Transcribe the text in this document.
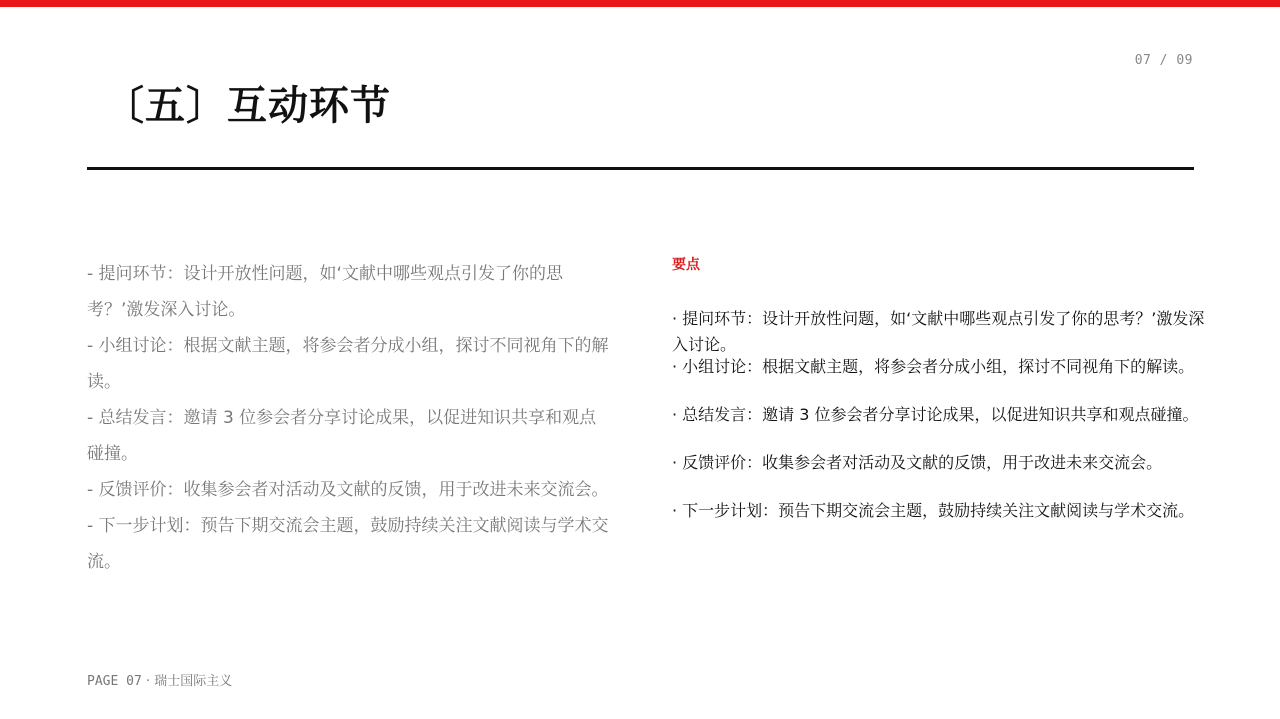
07 / 09
〔五〕互动环节

- 提问环节：设计开放性问题，如‘文献中哪些观点引发了你的思考？’激发深入讨论。

- 小组讨论：根据文献主题，将参会者分成小组，探讨不同视角下的解读。

- 总结发言：邀请 3 位参会者分享讨论成果，以促进知识共享和观点碰撞。

- 反馈评价：收集参会者对活动及文献的反馈，用于改进未来交流会。

- 下一步计划：预告下期交流会主题，鼓励持续关注文献阅读与学术交流。

要点
· 提问环节：设计开放性问题，如‘文献中哪些观点引发了你的思考？’激发深入讨论。
· 小组讨论：根据文献主题，将参会者分成小组，探讨不同视角下的解读。
· 总结发言：邀请 3 位参会者分享讨论成果，以促进知识共享和观点碰撞。
· 反馈评价：收集参会者对活动及文献的反馈，用于改进未来交流会。
· 下一步计划：预告下期交流会主题，鼓励持续关注文献阅读与学术交流。
PAGE 07 · 瑞士国际主义
